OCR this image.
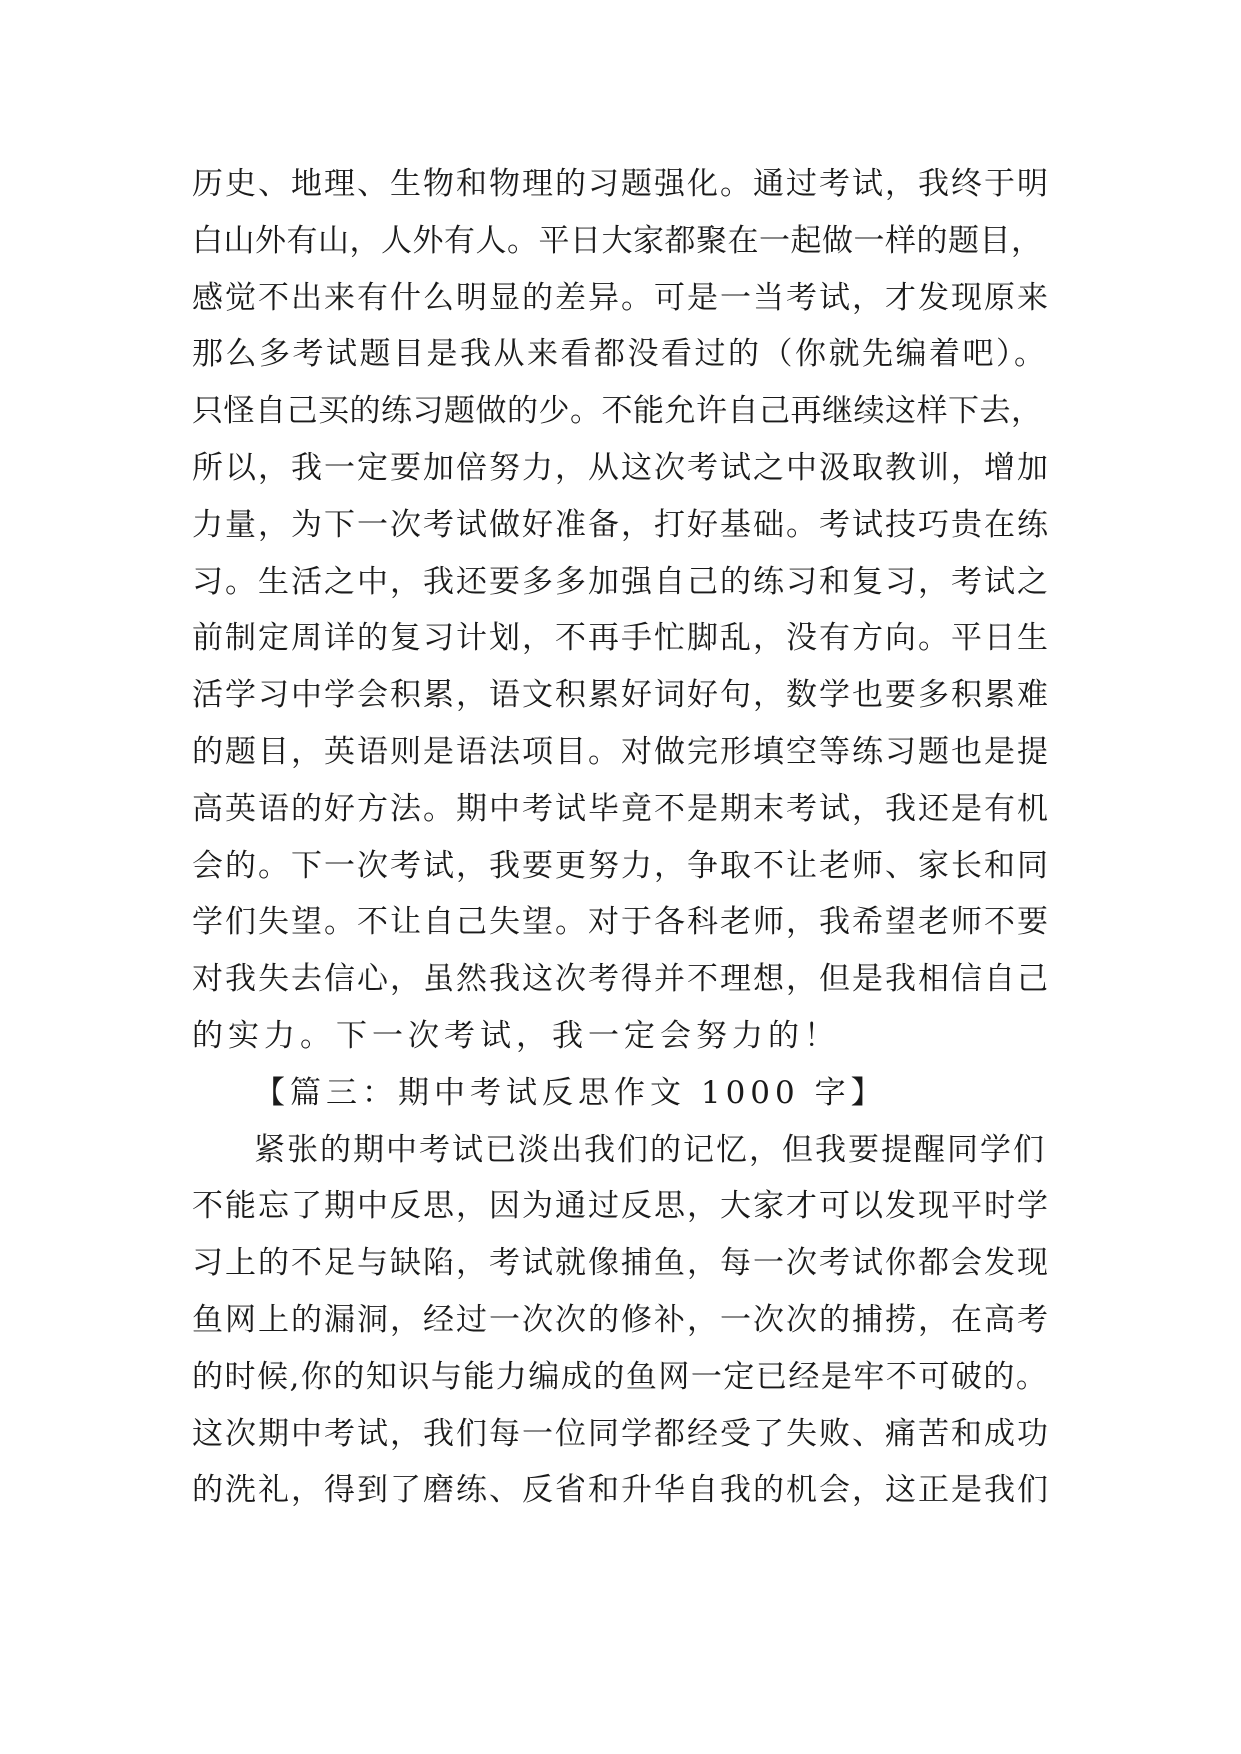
历史、地理、生物和物理的习题强化。通过考试，我终于明
白山外有山，人外有人。平日大家都聚在一起做一样的题目，
感觉不出来有什么明显的差异。可是一当考试，才发现原来
那么多考试题目是我从来看都没看过的（你就先编着吧）。
只怪自己买的练习题做的少。不能允许自己再继续这样下去，
所以，我一定要加倍努力，从这次考试之中汲取教训，增加
力量，为下一次考试做好准备，打好基础。考试技巧贵在练
习。生活之中，我还要多多加强自己的练习和复习，考试之
前制定周详的复习计划，不再手忙脚乱，没有方向。平日生
活学习中学会积累，语文积累好词好句，数学也要多积累难
的题目，英语则是语法项目。对做完形填空等练习题也是提
高英语的好方法。期中考试毕竟不是期末考试，我还是有机
会的。下一次考试，我要更努力，争取不让老师、家长和同
学们失望。不让自己失望。对于各科老师，我希望老师不要
对我失去信心，虽然我这次考得并不理想，但是我相信自己
的实力。下一次考试，我一定会努力的！
【篇三：期中考试反思作文 1000 字】
紧张的期中考试已淡出我们的记忆，但我要提醒同学们
不能忘了期中反思，因为通过反思，大家才可以发现平时学
习上的不足与缺陷，考试就像捕鱼，每一次考试你都会发现
鱼网上的漏洞，经过一次次的修补，一次次的捕捞，在高考
的时候,你的知识与能力编成的鱼网一定已经是牢不可破的。
这次期中考试，我们每一位同学都经受了失败、痛苦和成功
的洗礼，得到了磨练、反省和升华自我的机会，这正是我们
